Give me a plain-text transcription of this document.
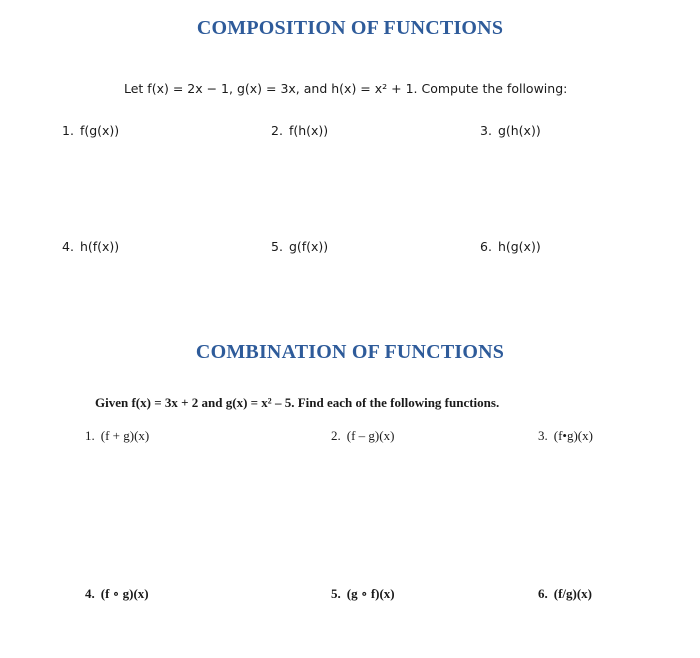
COMPOSITION OF FUNCTIONS
Let f(x) = 2x − 1, g(x) = 3x, and h(x) = x² + 1. Compute the following:
1. f(g(x))	2. f(h(x))	3. g(h(x))
4. h(f(x))	5. g(f(x))	6. h(g(x))
COMBINATION OF FUNCTIONS
Given f(x) = 3x + 2 and g(x) = x² – 5. Find each of the following functions.
1. (f + g)(x)	2. (f – g)(x)	3. (f•g)(x)
4. (f ∘ g)(x)	5. (g ∘ f)(x)	6. (f/g)(x)
